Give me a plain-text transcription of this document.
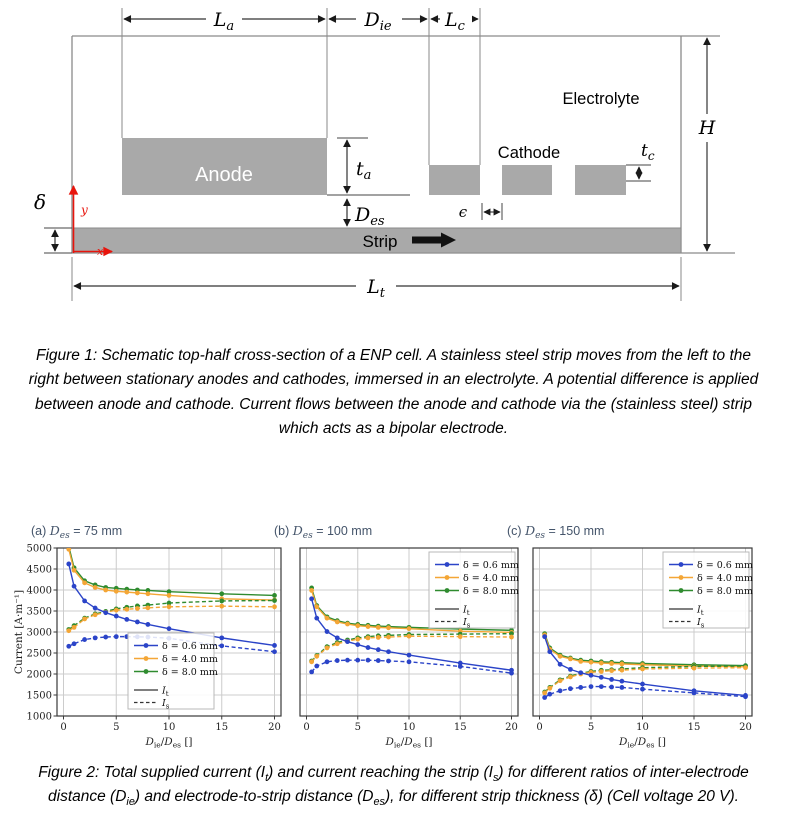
$L_a$	$D_{ie}$	$L_c$
H
$t_a$
$t_c$
$D_{es}$
ϵ
δ
$L_t$
y
x
Anode
Cathode
Electrolyte
Strip
Figure 1: Schematic top-half cross-section of a ENP cell. A stainless steel strip moves from the left to the right between stationary anodes and cathodes, immersed in an electrolyte. A potential difference is applied between anode and cathode. Current flows between the anode and cathode via the (stainless steel) strip which acts as a bipolar electrode.
Current [A·m⁻¹]
0	5	10	15	20
1000
1500
2000
2500
3000
3500
4000
4500
5000
(a) $D_{es} = 75$ mm
$D_{ie}/D_{es}$ []
δ = 0.6 mm
δ = 4.0 mm
δ = 8.0 mm
$I_t$
$I_s$
0	5	10	15	20
(b) $D_{es} = 100$ mm
$D_{ie}/D_{es}$ []
δ = 0.6 mm
δ = 4.0 mm
δ = 8.0 mm
$I_t$
$I_s$
0	5	10	15	20
(c) $D_{es} = 150$ mm
$D_{ie}/D_{es}$ []
δ = 0.6 mm
δ = 4.0 mm
δ = 8.0 mm
$I_t$
$I_s$
Figure 2: Total supplied current $(I_t)$ and current reaching the strip $(I_s)$ for different ratios of inter-electrode distance $(D_{ie})$ and electrode-to-strip distance $(D_{es})$, for different strip thickness (δ) (Cell voltage 20 V).
